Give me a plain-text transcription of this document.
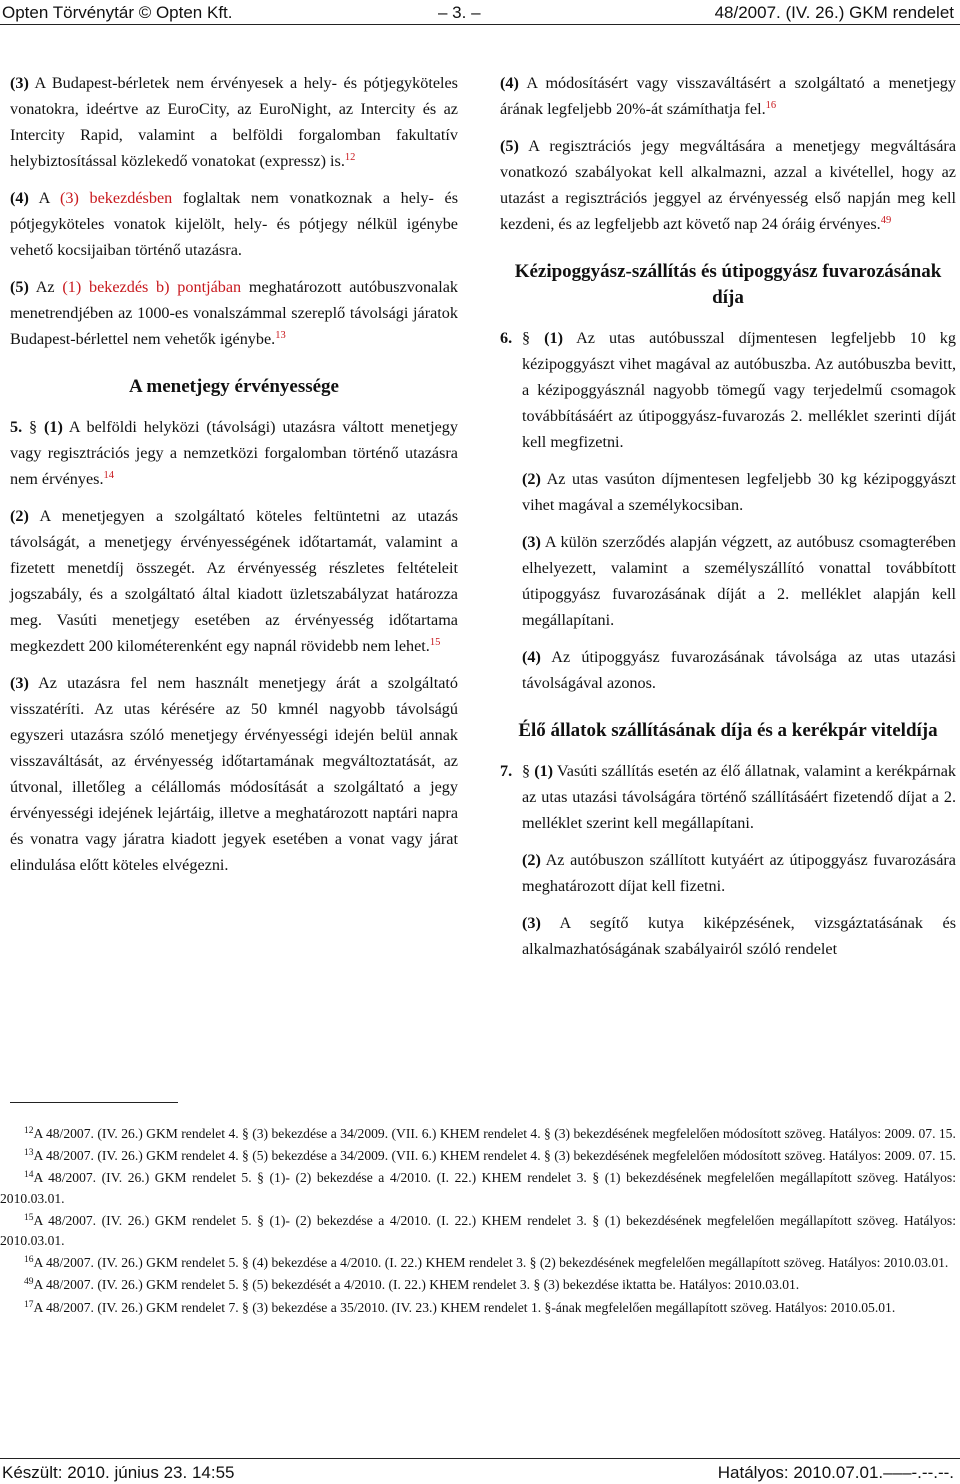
Opten Törvénytár © Opten Kft.	– 3. –	48/2007. (IV. 26.) GKM rendelet

(3) A Budapest-bérletek nem érvényesek a hely- és pótjegyköteles vonatokra, ideértve az EuroCity, az EuroNight, az Intercity és az Intercity Rapid, valamint a belföldi forgalomban fakultatív helybiztosítással közlekedő vonatokat (expressz) is.$^{12}$

(4) A (3) bekezdésben foglaltak nem vonatkoznak a hely- és pótjegyköteles vonatok kijelölt, hely- és pótjegy nélkül igénybe vehető kocsijaiban történő utazásra.

(5) Az (1) bekezdés b) pontjában meghatározott autóbuszvonalak menetrendjében az 1000-es vonalszámmal szereplő távolsági járatok Budapest-bérlettel nem vehetők igénybe.$^{13}$

A menetjegy érvényessége

5. § (1) A belföldi helyközi (távolsági) utazásra váltott menetjegy vagy regisztrációs jegy a nemzetközi forgalomban történő utazásra nem érvényes.$^{14}$

(2) A menetjegyen a szolgáltató köteles feltüntetni az utazás távolságát, a menetjegy érvényességének időtartamát, valamint a fizetett menetdíj összegét. Az érvényesség részletes feltételeit jogszabály, és a szolgáltató által kiadott üzletszabályzat határozza meg. Vasúti menetjegy esetében az érvényesség időtartama megkezdett 200 kilométerenként egy napnál rövidebb nem lehet.$^{15}$

(3) Az utazásra fel nem használt menetjegy árát a szolgáltató visszatéríti. Az utas kérésére az 50 kmnél nagyobb távolságú egyszeri utazásra szóló menetjegy érvényességi idején belül annak visszaváltását, az érvényesség időtartamának megváltoztatását, az útvonal, illetőleg a célállomás módosítását a szolgáltató a jegy érvényességi idejének lejártáig, illetve a meghatározott naptári napra és vonatra vagy járatra kiadott jegyek esetében a vonat vagy járat elindulása előtt köteles elvégezni.

(4) A módosításért vagy visszaváltásért a szolgáltató a menetjegy árának legfeljebb 20%-át számíthatja fel.$^{16}$

(5) A regisztrációs jegy megváltására a menetjegy megváltására vonatkozó szabályokat kell alkalmazni, azzal a kivétellel, hogy az utazást a regisztrációs jeggyel az érvényesség első napján meg kell kezdeni, és az legfeljebb azt követő nap 24 óráig érvényes.$^{49}$

Kézipoggyász-szállítás és útipoggyász fuvarozásának díja

6. § (1) Az utas autóbusszal díjmentesen legfeljebb 10 kg kézipoggyászt vihet magával az autóbuszba. Az autóbuszba bevitt, a kézipoggyásznál nagyobb tömegű vagy terjedelmű csomagok továbbításáért az útipoggyász-fuvarozás 2. melléklet szerinti díját kell megfizetni.

(2) Az utas vasúton díjmentesen legfeljebb 30 kg kézipoggyászt vihet magával a személykocsiban.

(3) A külön szerződés alapján végzett, az autóbusz csomagterében elhelyezett, valamint a személyszállító vonattal továbbított útipoggyász fuvarozásának díját a 2. melléklet alapján kell megállapítani.

(4) Az útipoggyász fuvarozásának távolsága az utas utazási távolságával azonos.

Élő állatok szállításának díja és a kerékpár viteldíja

7. § (1) Vasúti szállítás esetén az élő állatnak, valamint a kerékpárnak az utas utazási távolságára történő szállításáért fizetendő díjat a 2. melléklet szerint kell megállapítani.

(2) Az autóbuszon szállított kutyáért az útipoggyász fuvarozására meghatározott díjat kell fizetni.

(3) A segítő kutya kiképzésének, vizsgáztatásának és alkalmazhatóságának szabályairól szóló rendelet

$^{12}$A 48/2007. (IV. 26.) GKM rendelet 4. § (3) bekezdése a 34/2009. (VII. 6.) KHEM rendelet 4. § (3) bekezdésének megfelelően módosított szöveg. Hatályos: 2009. 07. 15.

$^{13}$A 48/2007. (IV. 26.) GKM rendelet 4. § (5) bekezdése a 34/2009. (VII. 6.) KHEM rendelet 4. § (3) bekezdésének megfelelően módosított szöveg. Hatályos: 2009. 07. 15.

$^{14}$A 48/2007. (IV. 26.) GKM rendelet 5. § (1)- (2) bekezdése a 4/2010. (I. 22.) KHEM rendelet 3. § (1) bekezdésének megfelelően megállapított szöveg. Hatályos: 2010.03.01.

$^{15}$A 48/2007. (IV. 26.) GKM rendelet 5. § (1)- (2) bekezdése a 4/2010. (I. 22.) KHEM rendelet 3. § (1) bekezdésének megfelelően megállapított szöveg. Hatályos: 2010.03.01.

$^{16}$A 48/2007. (IV. 26.) GKM rendelet 5. § (4) bekezdése a 4/2010. (I. 22.) KHEM rendelet 3. § (2) bekezdésének megfelelően megállapított szöveg. Hatályos: 2010.03.01.

$^{49}$A 48/2007. (IV. 26.) GKM rendelet 5. § (5) bekezdését a 4/2010. (I. 22.) KHEM rendelet 3. § (3) bekezdése iktatta be. Hatályos: 2010.03.01.

$^{17}$A 48/2007. (IV. 26.) GKM rendelet 7. § (3) bekezdése a 35/2010. (IV. 23.) KHEM rendelet 1. §-ának megfelelően megállapított szöveg. Hatályos: 2010.05.01.

Készült: 2010. június 23. 14:55	Hatályos: 2010.07.01.–––-.--.--.
